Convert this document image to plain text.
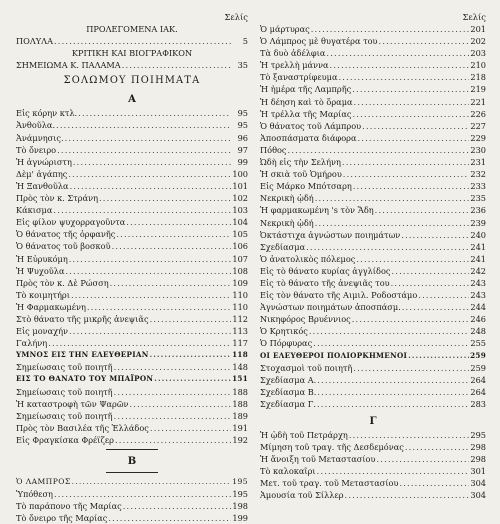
Σελίς
ΠΡΟΛΕΓΟΜΕΝΑ ΙΑΚ.
ΠΟΛΥΛΑ .....	5
ΚΡΙΤΙΚΗ ΚΑΙ ΒΙΟΓΡΑΦΙΚΟΝ
ΣΗΜΕΙΩΜΑ Κ. ΠΑΛΑΜΑ .....	35
ΣΟΛΩΜΟΥ ΠΟΙΗΜΑΤΑ
Α
Εἰς κόρην κτλ. .....	95
Ἀνθοῦλα. .....	95
Ἀνάμνησις. .....	96
Τὸ ὄνειρο .....	97
Ἡ ἀγνώριστη .....	99
Δὲμ' ἀγάπης .....	100
Ἡ Ξανθοῦλα .....	101
Πρὸς τὸν κ. Στράνη .....	102
Κάκισμα .....	103
Εἰς φίλον ψυχορραγοῦντα .....	104
Ὁ θάνατος τῆς ὀρφανῆς .....	105
Ὁ θάνατος τοῦ βοσκοῦ .....	106
Ἡ Εὐρυκόμη .....	107
Ἡ Ψυχοῦλα .....	108
Πρὸς τὸν κ. Δὲ Ρώσση .....	109
Τὸ κοιμητήρι .....	110
Ἡ Φαρμακωμένη .....	110
Στὸ θάνατο τῆς μικρῆς ἀνεψιᾶς .....	112
Εἰς μοναχήν .....	113
Γαλήνη .....	117
ΥΜΝΟΣ ΕΙΣ ΤΗΝ ΕΛΕΥΘΕΡΙΑΝ .....	118
Σημείωσαις τοῦ ποιητῆ .....	148
ΕΙΣ ΤΟ ΘΑΝΑΤΟ ΤΟΥ ΜΠΑΪΡΟΝ .....	151
Σημείωσαις τοῦ ποιητῆ .....	188
Ἡ καταστροφὴ τῶν Ψαρῶν .....	188
Σημείωσαις τοῦ ποιητῆ .....	189
Πρὸς τὸν Βασιλέα τῆς Ἑλλάδος .....	191
Εἰς Φραγκίσκα Φρέϊζερ .....	192
Β
Ὁ ΛΑΜΠΡΟΣ .....	195
Ὑπόθεση .....	195
Τὸ παράπονο τῆς Μαρίας .....	198
Τὸ ὄνειρο τῆς Μαρίας .....	199
Σελίς
Ὁ μάρτυρας .....	201
Ὁ Λάμπρος μὲ θυγατέρα του .....	202
Τὰ δυὸ ἀδέλφια .....	203
Ἡ τρελλὴ μάννα .....	210
Τὸ ξαναστρίφευμα .....	218
Ἡ ἡμέρα τῆς Λαμπρῆς .....	219
Ἡ δέηση καὶ τὸ ὅραμα .....	221
Ἡ τρέλλα τῆς Μαρίας .....	226
Ὁ θάνατος τοῦ Λάμπρου .....	227
Ἀποσπάσματα διάφορα .....	229
Πόθος .....	230
Ὠδὴ εἰς τὴν Σελήνη .....	231
Ἡ σκιὰ τοῦ Ὁμήρου .....	232
Εἰς Μάρκο Μπότσαρη .....	233
Νεκρικὴ ᾠδή .....	235
Ἡ φαρμακωμένη 's τὸν Ἅδη .....	236
Νεκρικὴ ᾠδή .....	239
Ὀκτάστιχα ἀγνώστων ποιημάτων .....	240
Σχεδίασμα .....	241
Ὁ ἀνατολικὸς πόλεμος .....	241
Εἰς τὸ θάνατο κυρίας ἀγγλίδος .....	242
Εἰς τὸ θάνατο τῆς ἀνεψιᾶς του .....	243
Εἰς τὸν θάνατο τῆς Αιμιλ. Ροδοστάμο .....	243
Ἀγνώστων ποιημάτων ἀποσπάσμ. .....	244
Νικηφόρος Βρυέννιος .....	246
Ὁ Κρητικός .....	248
Ὁ Πόρφυρας .....	255
ΟΙ ΕΛΕΥΘΕΡΟΙ ΠΟΛΙΟΡΚΗΜΕΝΟΙ .....	259
Στοχασμοὶ τοῦ ποιητῆ .....	259
Σχεδίασμα Α. .....	264
Σχεδίασμα Β. .....	264
Σχεδίασμα Γ. .....	283
Γ
Ἡ ᾠδὴ τοῦ Πετράρχη .....	295
Μίμηση τοῦ τραγ. τῆς Δεσδεμόνας .....	298
Ἡ ἄνοιξη τοῦ Μεταστασίου .....	298
Τὸ καλοκαῖρι .....	301
Μετ. τοῦ τραγ. τοῦ Μεταστασίου .....	304
Ἀμουσία τοῦ Σίλλερ .....	304
